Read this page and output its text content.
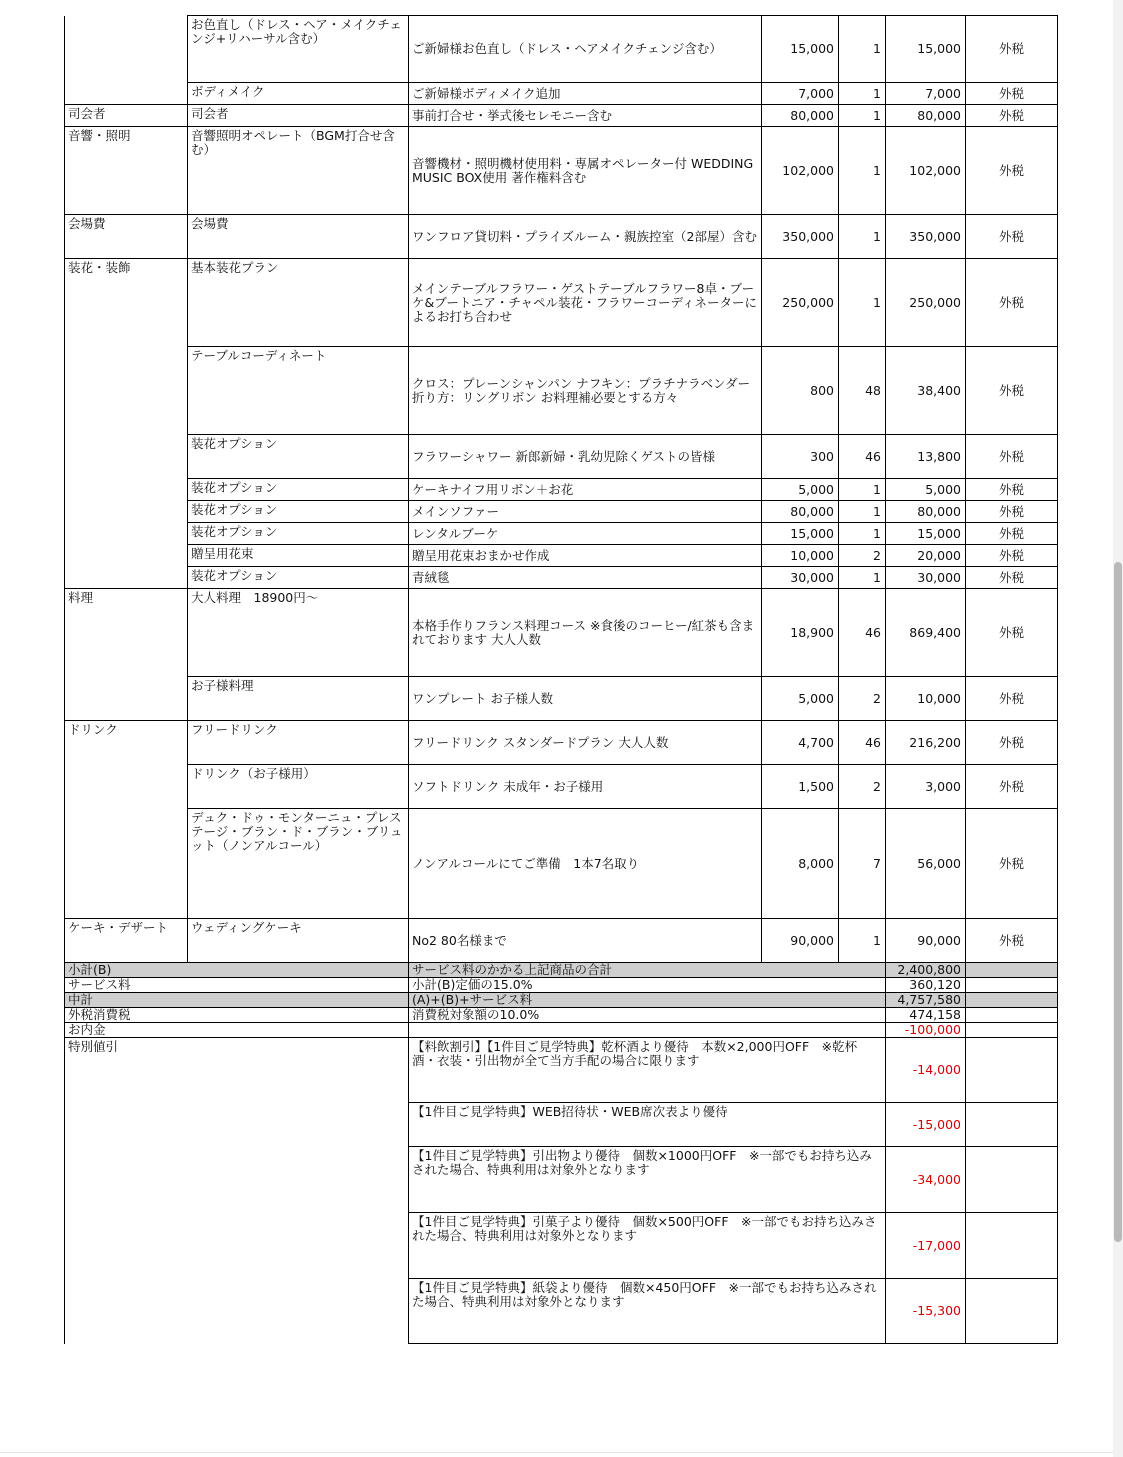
	お色直し（ドレス・ヘア・メイクチェンジ+リハーサル含む）	ご新婦様お色直し（ドレス・ヘアメイクチェンジ含む）	15,000	1	15,000	外税
	ボディメイク	ご新婦様ボディメイク追加	7,000	1	7,000	外税
司会者	司会者	事前打合せ・挙式後セレモニー含む	80,000	1	80,000	外税
音響・照明	音響照明オペレート（BGM打合せ含む）	音響機材・照明機材使用料・専属オペレーター付 WEDDING　MUSIC BOX使用 著作権料含む	102,000	1	102,000	外税
会場費	会場費	ワンフロア貸切料・プライズルーム・親族控室（2部屋）含む	350,000	1	350,000	外税
装花・装飾	基本装花プラン	メインテーブルフラワー・ゲストテーブルフラワー8卓・ブーケ&ブートニア・チャペル装花・フラワーコーディネーターによるお打ち合わせ	250,000	1	250,000	外税
	テーブルコーディネート	クロス：プレーンシャンパン ナフキン：プラチナラベンダー 折り方：リングリボン お料理補必要とする方々	800	48	38,400	外税
	装花オプション	フラワーシャワー 新郎新婦・乳幼児除くゲストの皆様	300	46	13,800	外税
	装花オプション	ケーキナイフ用リボン＋お花	5,000	1	5,000	外税
	装花オプション	メインソファー	80,000	1	80,000	外税
	装花オプション	レンタルブーケ	15,000	1	15,000	外税
	贈呈用花束	贈呈用花束おまかせ作成	10,000	2	20,000	外税
	装花オプション	青絨毯	30,000	1	30,000	外税
料理	大人料理　18900円～	本格手作りフランス料理コース ※食後のコーヒー/紅茶も含まれております 大人人数	18,900	46	869,400	外税
	お子様料理	ワンプレート お子様人数	5,000	2	10,000	外税
ドリンク	フリードリンク	フリードリンク スタンダードプラン 大人人数	4,700	46	216,200	外税
	ドリンク（お子様用）	ソフトドリンク 未成年・お子様用	1,500	2	3,000	外税
	デュク・ドゥ・モンターニュ・プレステージ・ブラン・ド・ブラン・ブリュット（ノンアルコール）	ノンアルコールにてご準備　1本7名取り	8,000	7	56,000	外税
ケーキ・デザート	ウェディングケーキ	No2 80名様まで	90,000	1	90,000	外税
小計(B)		サービス料のかかる上記商品の合計			2,400,800	
サービス料		小計(B)定価の15.0%			360,120	
中計		(A)+(B)+サービス料			4,757,580	
外税消費税		消費税対象額の10.0%			474,158	
お内金					-100,000	
特別値引		【料飲割引】【1件目ご見学特典】乾杯酒より優待　本数×2,000円OFF　※乾杯酒・衣装・引出物が全て当方手配の場合に限ります			-14,000	
		【1件目ご見学特典】WEB招待状・WEB席次表より優待			-15,000	
		【1件目ご見学特典】引出物より優待　個数×1000円OFF　※一部でもお持ち込みされた場合、特典利用は対象外となります			-34,000	
		【1件目ご見学特典】引菓子より優待　個数×500円OFF　※一部でもお持ち込みされた場合、特典利用は対象外となります			-17,000	
		【1件目ご見学特典】紙袋より優待　個数×450円OFF　※一部でもお持ち込みされた場合、特典利用は対象外となります			-15,300	
